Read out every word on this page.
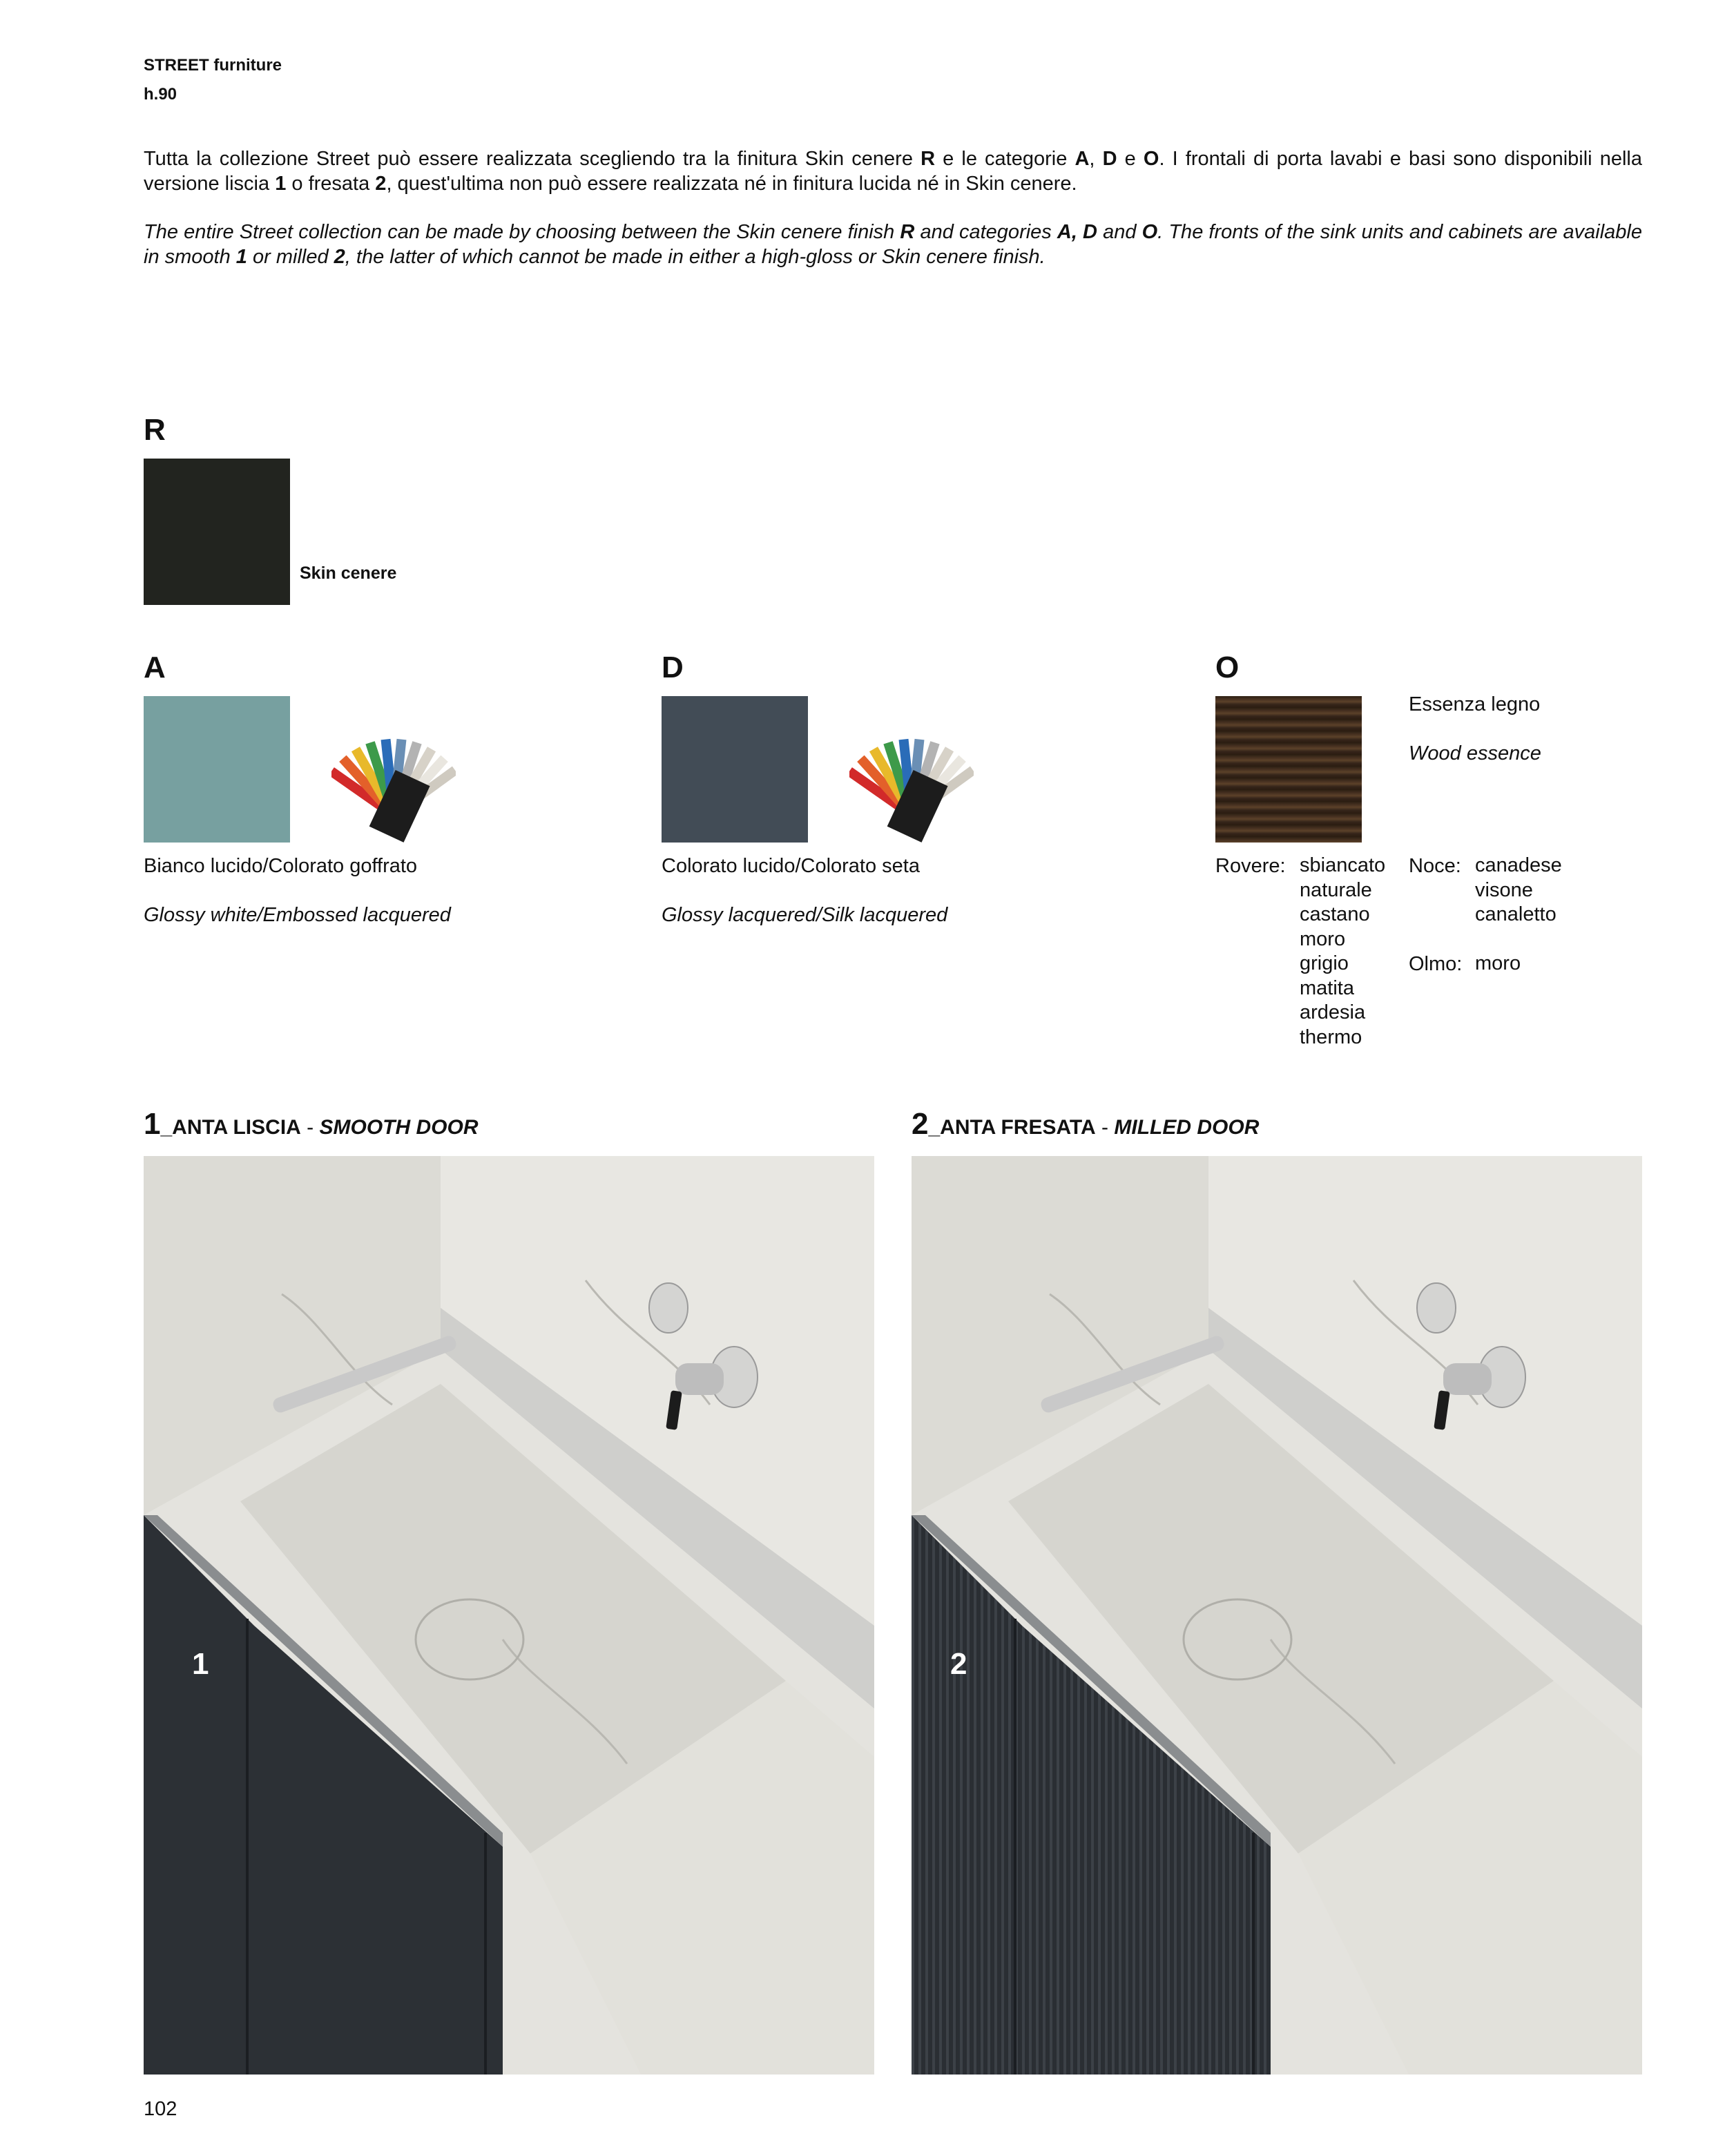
STREET furniture
h.90

Tutta la collezione Street può essere realizzata scegliendo tra la finitura Skin cenere R e le categorie A, D e O. I frontali di porta lavabi e basi sono disponibili nella versione liscia 1 o fresata 2, quest'ultima non può essere realizzata né in finitura lucida né in Skin cenere.

The entire Street collection can be made by choosing between the Skin cenere finish R and categories A, D and O. The fronts of the sink units and cabinets are available in smooth 1 or milled 2, the latter of which cannot be made in either a high-gloss or Skin cenere finish.

R
Skin cenere
A
Bianco lucido/Colorato goffrato
Glossy white/Embossed lacquered
D
Colorato lucido/Colorato seta
Glossy lacquered/Silk lacquered
O
Essenza legno
Wood essence
Rovere: sbiancato
naturale
castano
moro
grigio
matita
ardesia
thermo
Noce: canadese
visone
canaletto
Olmo: moro
1_ANTA LISCIA - SMOOTH DOOR	2_ANTA FRESATA - MILLED DOOR
1	2
102
